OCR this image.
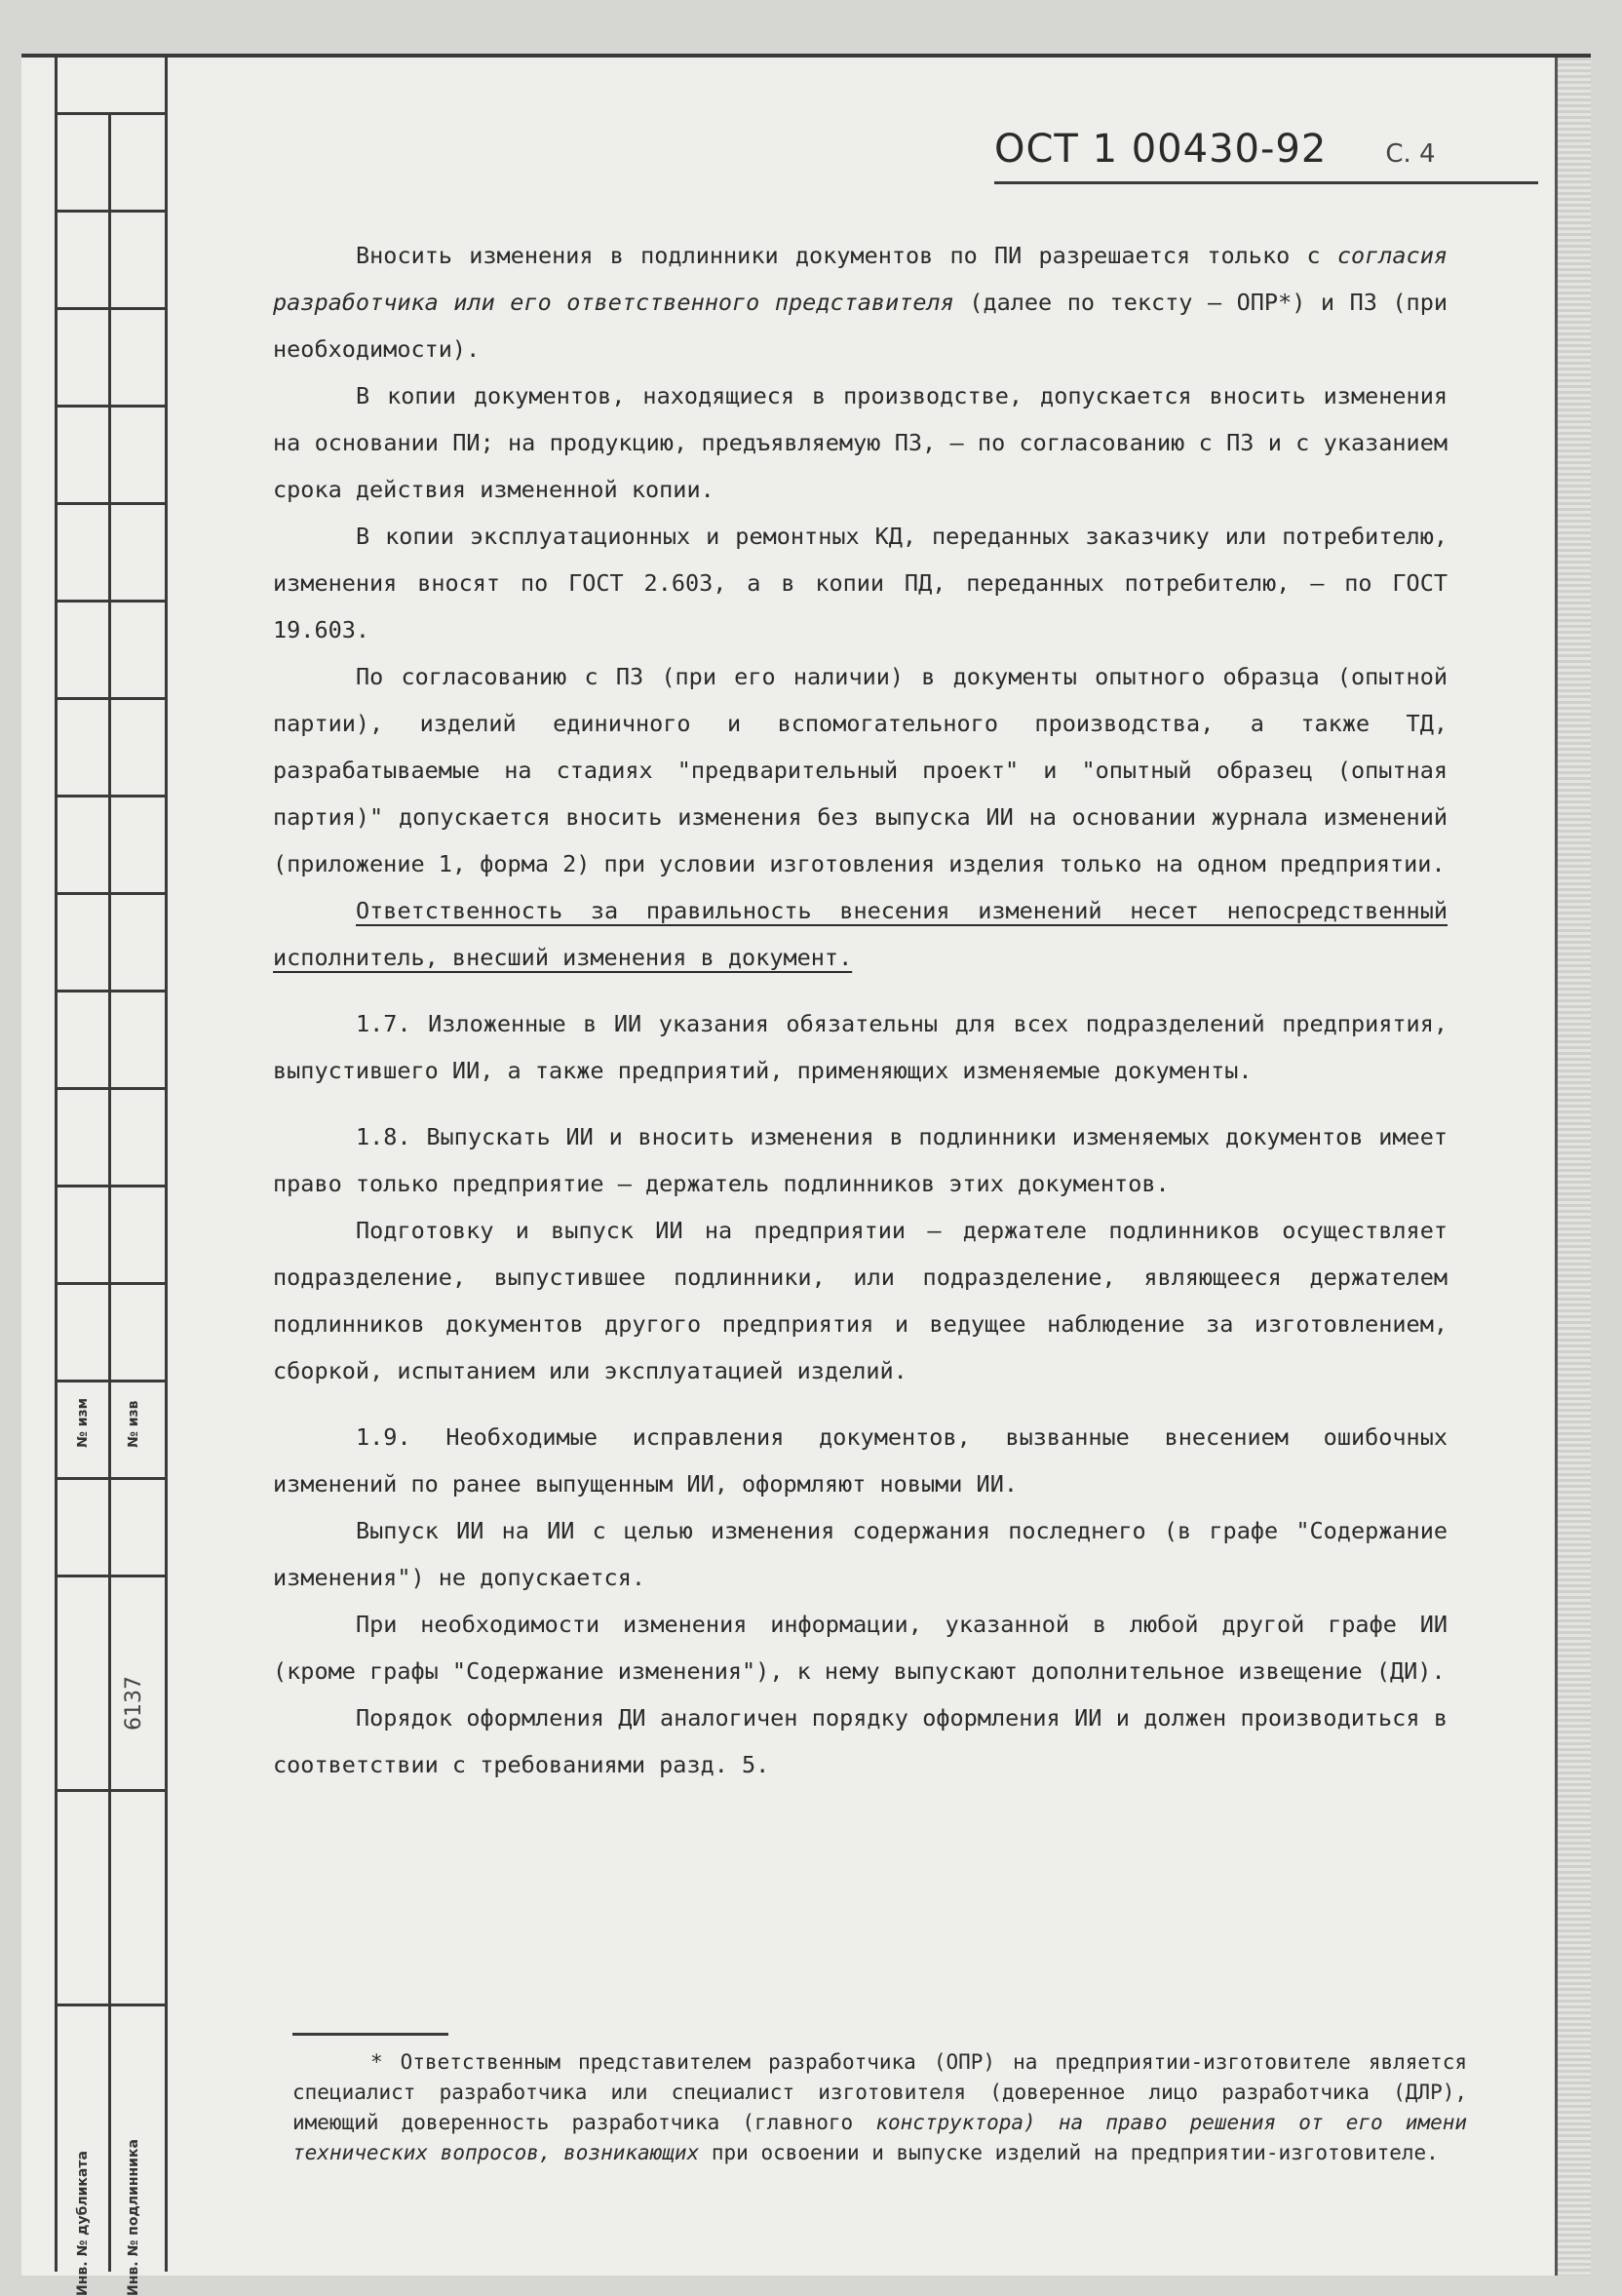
№ изм	№ изв
6137
Инв. № дубликата	Инв. № подлинника
ОСТ 1 00430-92 С. 4

Вносить изменения в подлинники документов по ПИ разрешается только с согласия разработчика или его ответственного представителя (далее по тексту – ОПР*) и ПЗ (при необходимости).

В копии документов, находящиеся в производстве, допускается вносить изменения на основании ПИ; на продукцию, предъявляемую ПЗ, – по согласованию с ПЗ и с указанием срока действия измененной копии.

В копии эксплуатационных и ремонтных КД, переданных заказчику или потребителю, изменения вносят по ГОСТ 2.603, а в копии ПД, переданных потребителю, – по ГОСТ 19.603.

По согласованию с ПЗ (при его наличии) в документы опытного образца (опытной партии), изделий единичного и вспомогательного производства, а также ТД, разрабатываемые на стадиях "предварительный проект" и "опытный образец (опытная партия)" допускается вносить изменения без выпуска ИИ на основании журнала изменений (приложение 1, форма 2) при условии изготовления изделия только на одном предприятии.

Ответственность за правильность внесения изменений несет непосредственный исполнитель, внесший изменения в документ.

1.7. Изложенные в ИИ указания обязательны для всех подразделений предприятия, выпустившего ИИ, а также предприятий, применяющих изменяемые документы.

1.8. Выпускать ИИ и вносить изменения в подлинники изменяемых документов имеет право только предприятие – держатель подлинников этих документов.

Подготовку и выпуск ИИ на предприятии – держателе подлинников осуществляет подразделение, выпустившее подлинники, или подразделение, являющееся держателем подлинников документов другого предприятия и ведущее наблюдение за изготовлением, сборкой, испытанием или эксплуатацией изделий.

1.9. Необходимые исправления документов, вызванные внесением ошибочных изменений по ранее выпущенным ИИ, оформляют новыми ИИ.

Выпуск ИИ на ИИ с целью изменения содержания последнего (в графе "Содержание изменения") не допускается.

При необходимости изменения информации, указанной в любой другой графе ИИ (кроме графы "Содержание изменения"), к нему выпускают дополнительное извещение (ДИ).

Порядок оформления ДИ аналогичен порядку оформления ИИ и должен производиться в соответствии с требованиями разд. 5.

* Ответственным представителем разработчика (ОПР) на предприятии-изготовителе является специалист разработчика или специалист изготовителя (доверенное лицо разработчика (ДЛР), имеющий доверенность разработчика (главного конструктора) на право решения от его имени технических вопросов, возникающих при освоении и выпуске изделий на предприятии-изготовителе.
